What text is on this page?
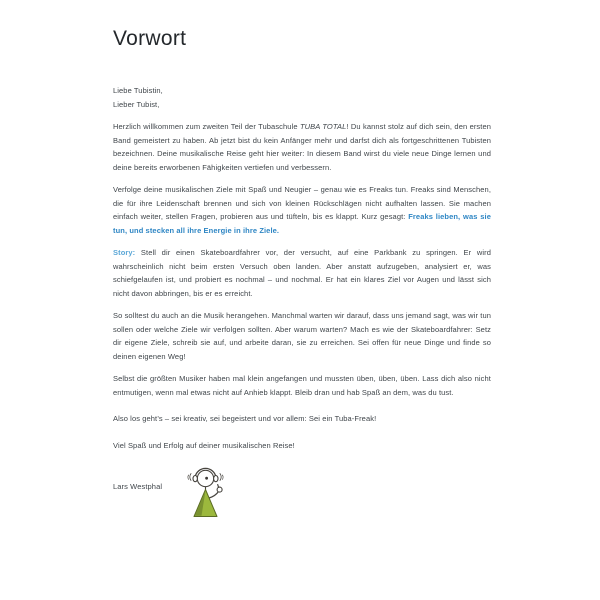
Vorwort

Liebe Tubistin,

Lieber Tubist,

Herzlich willkommen zum zweiten Teil der Tubaschule TUBA TOTAL! Du kannst stolz auf dich sein, den ersten Band gemeistert zu haben. Ab jetzt bist du kein Anfänger mehr und darfst dich als fortgeschrittenen Tubisten bezeichnen. Deine musikalische Reise geht hier weiter: In diesem Band wirst du viele neue Dinge lernen und deine bereits erworbenen Fähigkeiten vertiefen und verbessern.

Verfolge deine musikalischen Ziele mit Spaß und Neugier – genau wie es Freaks tun. Freaks sind Menschen, die für ihre Leidenschaft brennen und sich von kleinen Rückschlägen nicht aufhalten lassen. Sie machen einfach weiter, stellen Fragen, probieren aus und tüfteln, bis es klappt. Kurz gesagt: Freaks lieben, was sie tun, und stecken all ihre Energie in ihre Ziele.

Story: Stell dir einen Skateboardfahrer vor, der versucht, auf eine Parkbank zu springen. Er wird wahrscheinlich nicht beim ersten Versuch oben landen. Aber anstatt aufzugeben, analysiert er, was schiefgelaufen ist, und probiert es nochmal – und nochmal. Er hat ein klares Ziel vor Augen und lässt sich nicht davon abbringen, bis er es erreicht.

So solltest du auch an die Musik herangehen. Manchmal warten wir darauf, dass uns jemand sagt, was wir tun sollen oder welche Ziele wir verfolgen sollten. Aber warum warten? Mach es wie der Skateboardfahrer: Setz dir eigene Ziele, schreib sie auf, und arbeite daran, sie zu erreichen. Sei offen für neue Dinge und finde so deinen eigenen Weg!

Selbst die größten Musiker haben mal klein angefangen und mussten üben, üben, üben. Lass dich also nicht entmutigen, wenn mal etwas nicht auf Anhieb klappt. Bleib dran und hab Spaß an dem, was du tust.

Also los geht’s – sei kreativ, sei begeistert und vor allem: Sei ein Tuba-Freak!

Viel Spaß und Erfolg auf deiner musikalischen Reise!

Lars Westphal
